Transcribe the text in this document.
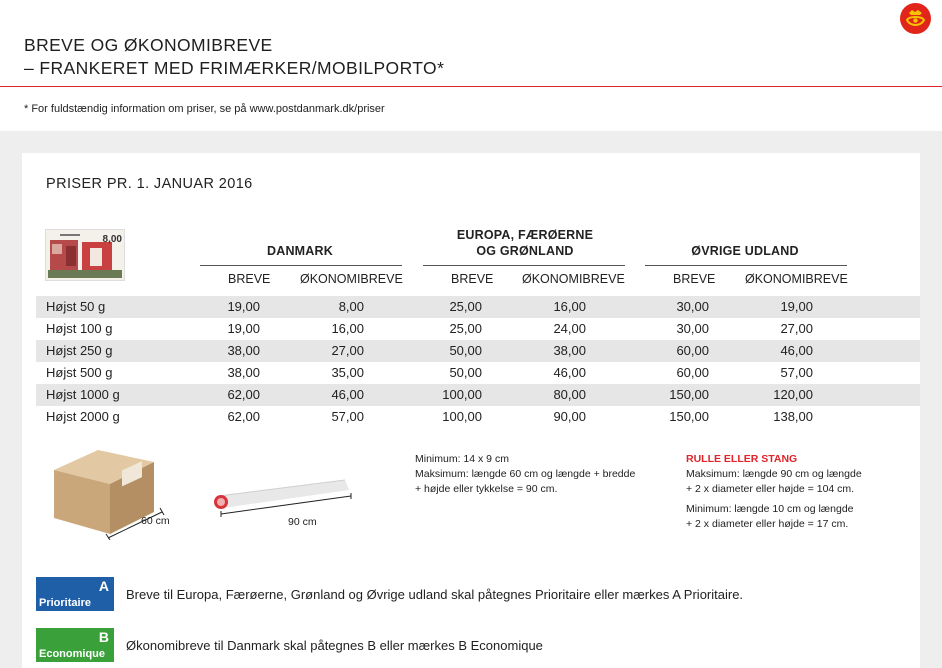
BREVE OG ØKONOMIBREVE
– FRANKERET MED FRIMÆRKER/MOBILPORTO*
* For fuldstændig information om priser, se på www.postdanmark.dk/priser
PRISER PR. 1. JANUAR 2016
8,00
DANMARK
EUROPA, FÆRØERNE
OG GRØNLAND	ØVRIGE UDLAND
BREVE ØKONOMIBREVE	BREVE ØKONOMIBREVE	BREVE ØKONOMIBREVE
Højst 50 g	19,00	8,00	25,00	16,00	30,00	19,00
Højst 100 g	19,00	16,00	25,00	24,00	30,00	27,00
Højst 250 g	38,00	27,00	50,00	38,00	60,00	46,00
Højst 500 g	38,00	35,00	50,00	46,00	60,00	57,00
Højst 1000 g	62,00	46,00	100,00	80,00	150,00	120,00
Højst 2000 g	62,00	57,00	100,00	90,00	150,00	138,00
60 cm	90 cm
Minimum: 14 x 9 cm
Maksimum: længde 60 cm og længde + bredde
+ højde eller tykkelse = 90 cm.
RULLE ELLER STANG
Maksimum: længde 90 cm og længde
+ 2 x diameter eller højde = 104 cm.
Minimum: længde 10 cm og længde
+ 2 x diameter eller højde = 17 cm.
A
Prioritaire
Breve til Europa, Færøerne, Grønland og Øvrige udland skal påtegnes Prioritaire eller mærkes A Prioritaire.
B
Economique
Økonomibreve til Danmark skal påtegnes B eller mærkes B Economique
